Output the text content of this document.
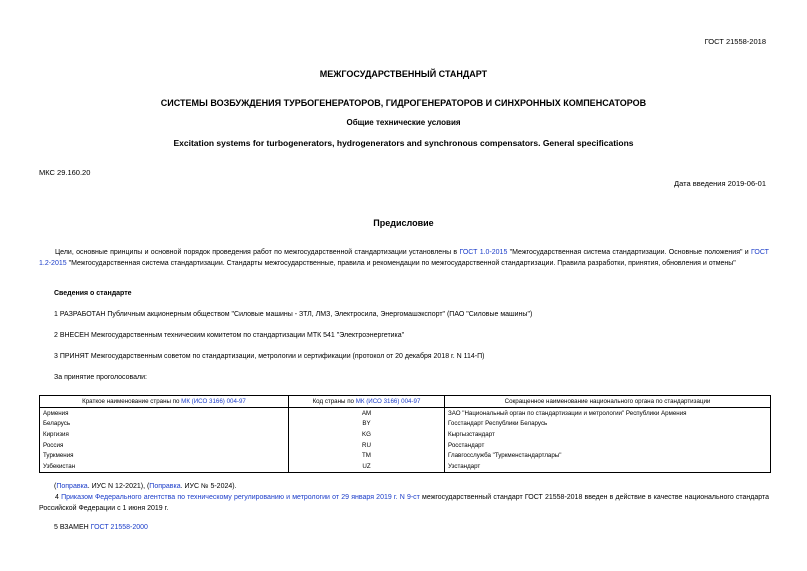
ГОСТ 21558-2018
МЕЖГОСУДАРСТВЕННЫЙ СТАНДАРТ
СИСТЕМЫ ВОЗБУЖДЕНИЯ ТУРБОГЕНЕРАТОРОВ, ГИДРОГЕНЕРАТОРОВ И СИНХРОННЫХ КОМПЕНСАТОРОВ
Общие технические условия
Excitation systems for turbogenerators, hydrogenerators and synchronous compensators. General specifications
МКС 29.160.20
Дата введения 2019-06-01
Предисловие
Цели, основные принципы и основной порядок проведения работ по межгосударственной стандартизации установлены в ГОСТ 1.0-2015 "Межгосударственная система стандартизации. Основные положения" и ГОСТ 1.2-2015 "Межгосударственная система стандартизации. Стандарты межгосударственные, правила и рекомендации по межгосударственной стандартизации. Правила разработки, принятия, обновления и отмены"
Сведения о стандарте
1 РАЗРАБОТАН Публичным акционерным обществом "Силовые машины - ЗТЛ, ЛМЗ, Электросила, Энергомашэкспорт" (ПАО "Силовые машины")
2 ВНЕСЕН Межгосударственным техническим комитетом по стандартизации МТК 541 "Электроэнергетика"
3 ПРИНЯТ Межгосударственным советом по стандартизации, метрологии и сертификации (протокол от 20 декабря 2018 г. N 114-П)
За принятие проголосовали:
Краткое наименование страны по МК (ИСО 3166) 004-97	Код страны по МК (ИСО 3166) 004-97	Сокращенное наименование национального органа по стандартизации
Армения	AM	ЗАО "Национальный орган по стандартизации и метрологии" Республики Армения
Беларусь	BY	Госстандарт Республики Беларусь
Киргизия	KG	Кыргызстандарт
Россия	RU	Росстандарт
Туркмения	TM	Главгосслужба "Туркменстандартлары"
Узбекистан	UZ	Узстандарт
(Поправка. ИУС N 12-2021), (Поправка. ИУС № 5-2024).
4 Приказом Федерального агентства по техническому регулированию и метрологии от 29 января 2019 г. N 9-ст межгосударственный стандарт ГОСТ 21558-2018 введен в действие в качестве национального стандарта Российской Федерации с 1 июня 2019 г.
5 ВЗАМЕН ГОСТ 21558-2000
